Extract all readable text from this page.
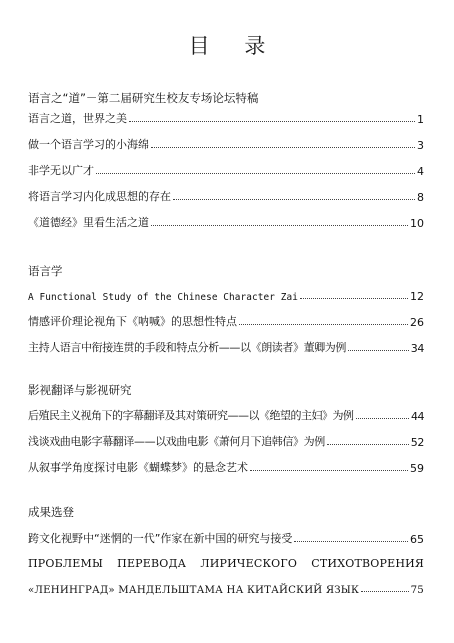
目 录
语言之“道”－第二届研究生校友专场论坛特稿
语言之道，世界之美	1
做一个语言学习的小海绵	3
非学无以广才	4
将语言学习内化成思想的存在	8
《道德经》里看生活之道	10
语言学
A Functional Study of the Chinese Character Zai	12
情感评价理论视角下《呐喊》的思想性特点	26
主持人语言中衔接连贯的手段和特点分析——以《朗读者》董卿为例	34
影视翻译与影视研究
后殖民主义视角下的字幕翻译及其对策研究——以《绝望的主妇》为例	44
浅谈戏曲电影字幕翻译——以戏曲电影《萧何月下追韩信》为例	52
从叙事学角度探讨电影《蝴蝶梦》的悬念艺术	59
成果选登
跨文化视野中“迷惘的一代”作家在新中国的研究与接受	65
ПРОБЛЕМЫ ПЕРЕВОДА ЛИРИЧЕСКОГО СТИХОТВОРЕНИЯ
«ЛЕНИНГРАД» МАНДЕЛЬШТАМА НА КИТАЙСКИЙ ЯЗЫК	75
